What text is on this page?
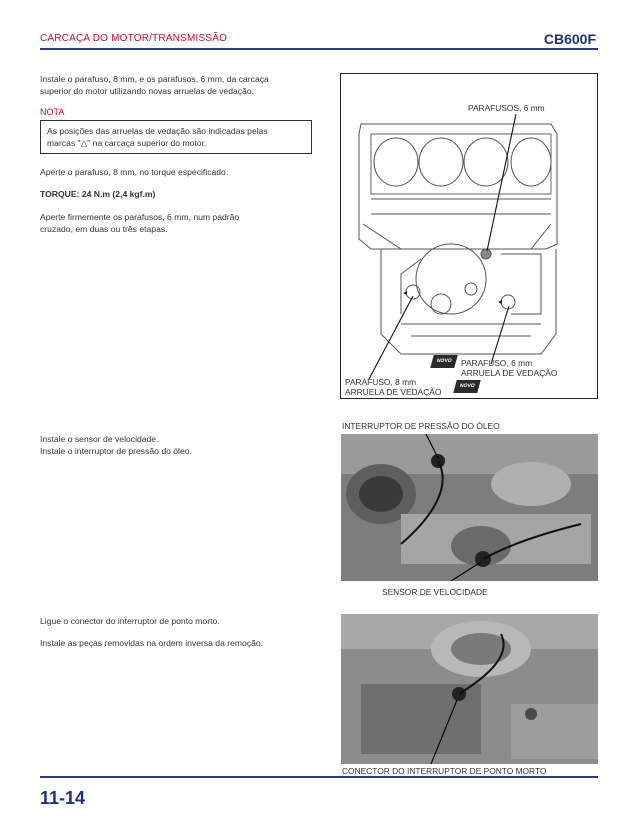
CARCAÇA DO MOTOR/TRANSMISSÃO	CB600F
Instale o parafuso, 8 mm, e os parafusos, 6 mm, da carcaça
superior do motor utilizando novas arruelas de vedação.
NOTA
As posições das arruelas de vedação são indicadas pelas
marcas "△" na carcaça superior do motor.
Aperte o parafuso, 8 mm, no torque especificado.
TORQUE: 24 N.m (2,4 kgf.m)
Aperte firmemente os parafusos, 6 mm, num padrão
cruzado, em duas ou três etapas.
PARAFUSOS, 6 mm
NOVO	PARAFUSO, 6 mm
ARRUELA DE VEDAÇÃO
PARAFUSO, 8 mm
ARRUELA DE VEDAÇÃO
NOVO
Instale o sensor de velocidade.
Instale o interruptor de pressão do óleo.
INTERRUPTOR DE PRESSÃO DO ÓLEO
SENSOR DE VELOCIDADE
Ligue o conector do interruptor de ponto morto.
Instale as peças removidas na ordem inversa da remoção.
CONECTOR DO INTERRUPTOR DE PONTO MORTO
11-14
